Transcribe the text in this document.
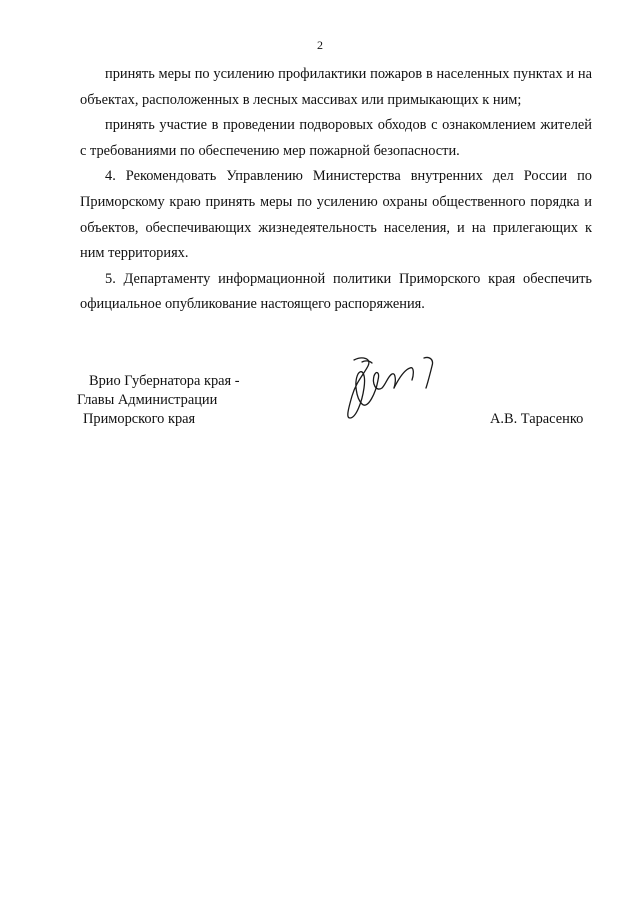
2

принять меры по усилению профилактики пожаров в населенных пунктах и на объектах, расположенных в лесных массивах или примыкающих к ним;

принять участие в проведении подворовых обходов с ознакомлением жителей с требованиями по обеспечению мер пожарной безопасности.

4. Рекомендовать Управлению Министерства внутренних дел России по Приморскому краю принять меры по усилению охраны общественного порядка и объектов, обеспечивающих жизнедеятельность населения, и на прилегающих к ним территориях.

5. Департаменту информационной политики Приморского края обеспечить официальное опубликование настоящего распоряжения.

Врио Губернатора края -
Главы Администрации
Приморского края	А.В. Тарасенко
